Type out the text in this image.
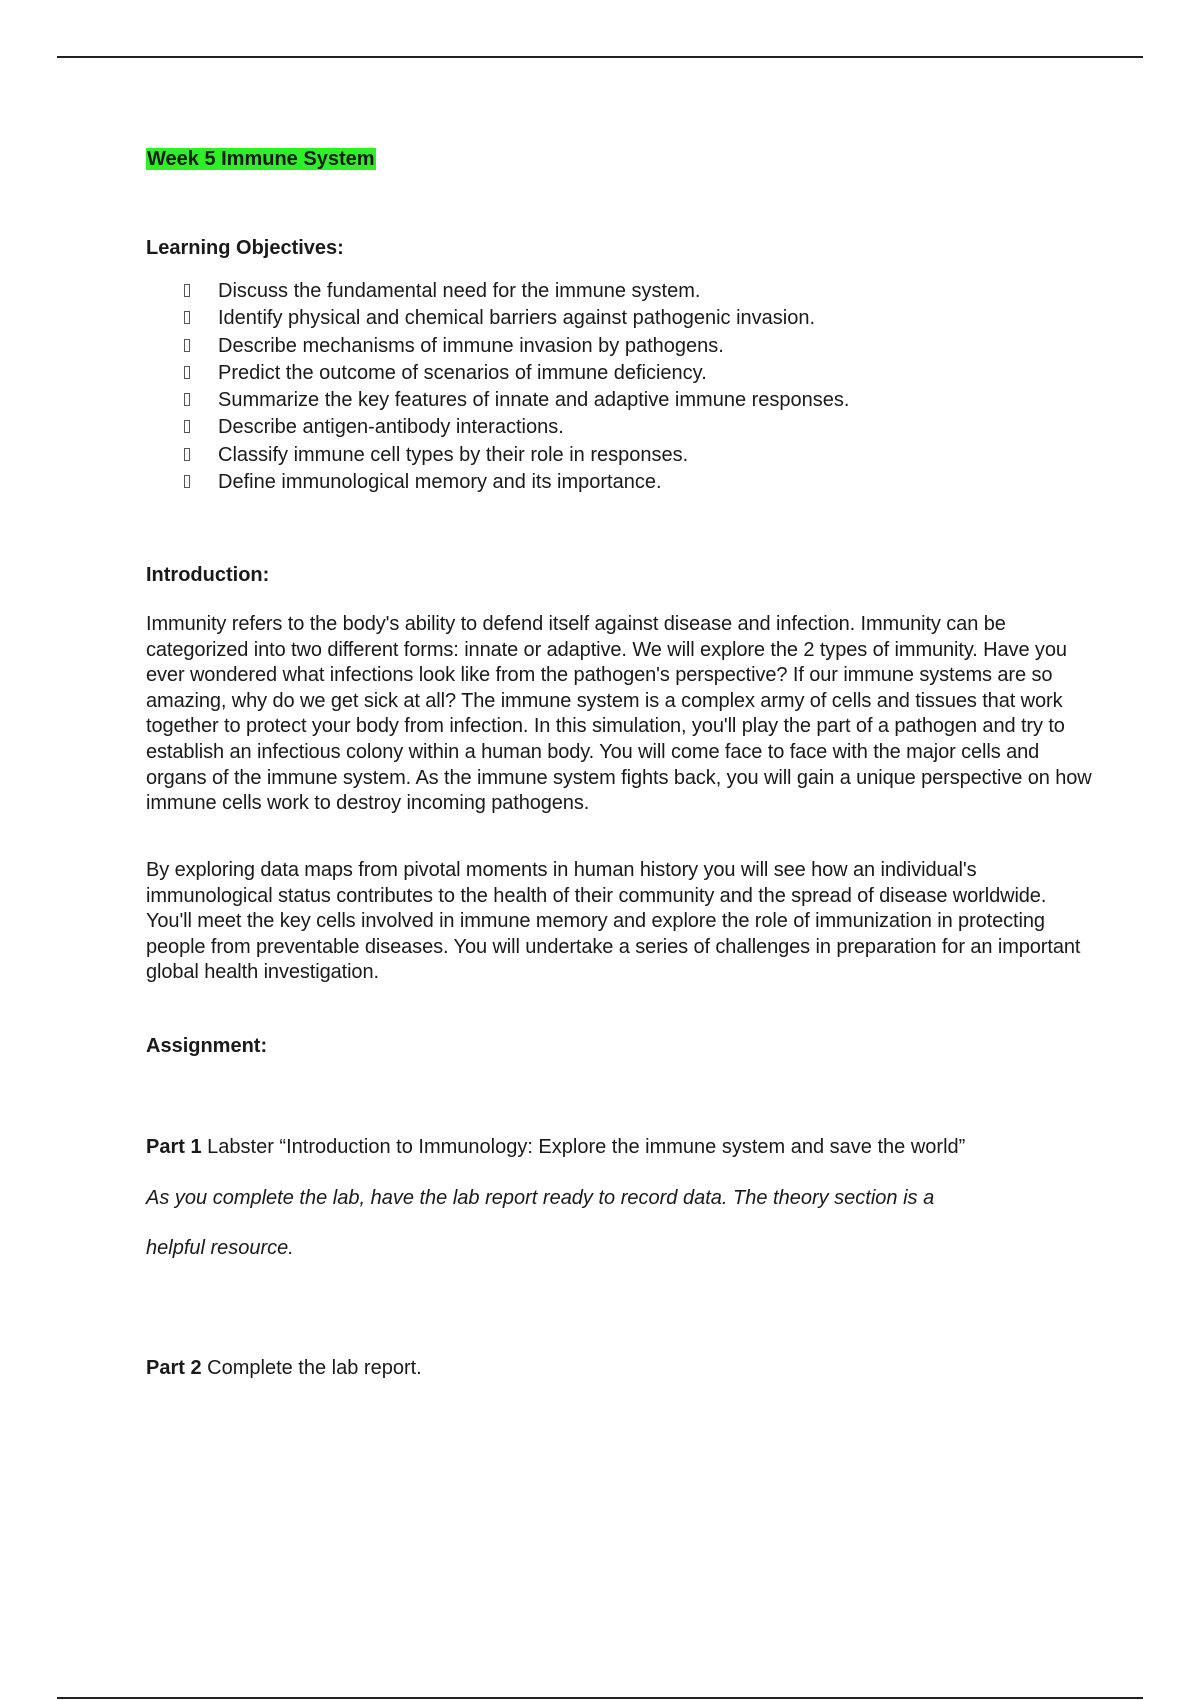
Week 5 Immune System
Learning Objectives:
Discuss the fundamental need for the immune system.
Identify physical and chemical barriers against pathogenic invasion.
Describe mechanisms of immune invasion by pathogens.
Predict the outcome of scenarios of immune deficiency.
Summarize the key features of innate and adaptive immune responses.
Describe antigen-antibody interactions.
Classify immune cell types by their role in responses.
Define immunological memory and its importance.
Introduction:

Immunity refers to the body's ability to defend itself against disease and infection. Immunity can be categorized into two different forms: innate or adaptive. We will explore the 2 types of immunity. Have you ever wondered what infections look like from the pathogen's perspective? If our immune systems are so amazing, why do we get sick at all? The immune system is a complex army of cells and tissues that work together to protect your body from infection. In this simulation, you'll play the part of a pathogen and try to establish an infectious colony within a human body. You will come face to face with the major cells and organs of the immune system. As the immune system fights back, you will gain a unique perspective on how immune cells work to destroy incoming pathogens.

By exploring data maps from pivotal moments in human history you will see how an individual's immunological status contributes to the health of their community and the spread of disease worldwide. You'll meet the key cells involved in immune memory and explore the role of immunization in protecting people from preventable diseases. You will undertake a series of challenges in preparation for an important global health investigation.

Assignment:
Part 1 Labster “Introduction to Immunology: Explore the immune system and save the world”
As you complete the lab, have the lab report ready to record data. The theory section is a
helpful resource.
Part 2 Complete the lab report.
